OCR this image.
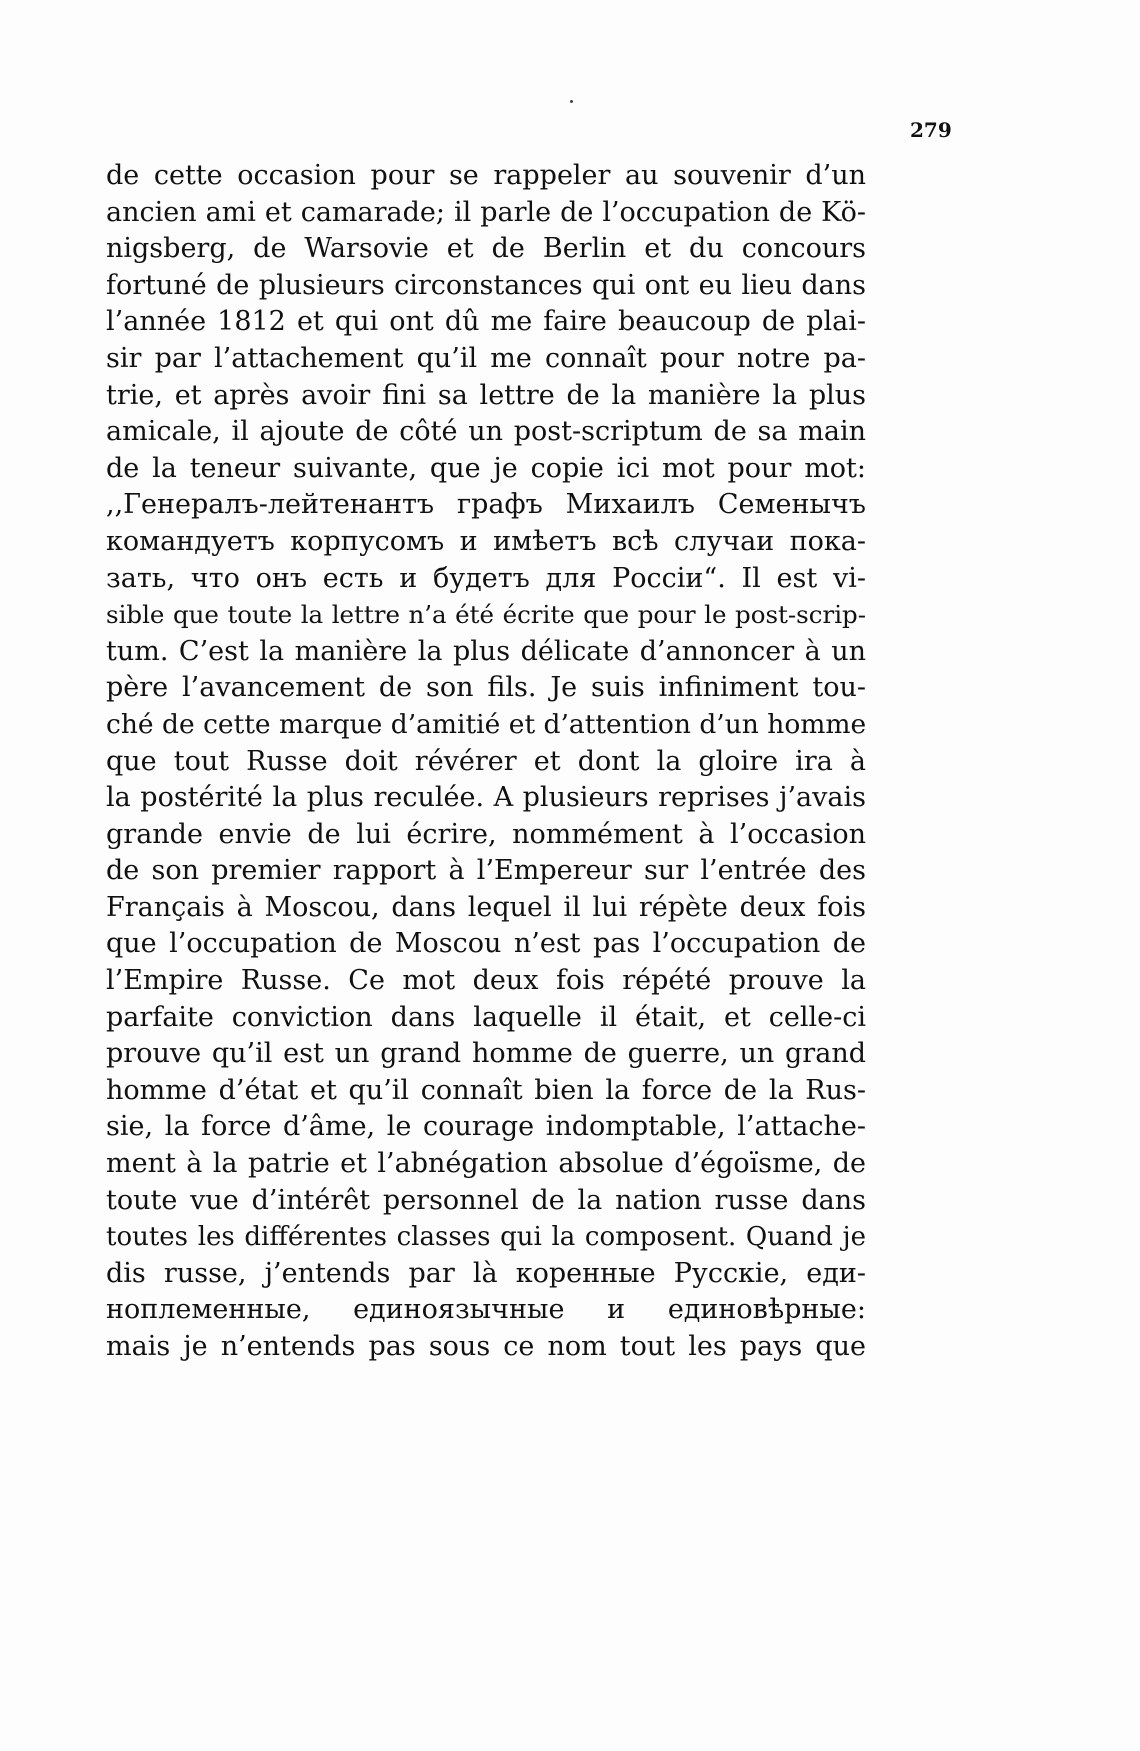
279
de cette occasion pour se rappeler au souvenir d’un
ancien ami et camarade; il parle de l’occupation de Kö-
nigsberg, de Warsovie et de Berlin et du concours
fortuné de plusieurs circonstances qui ont eu lieu dans
l’année 1812 et qui ont dû me faire beaucoup de plai-
sir par l’attachement qu’il me connaît pour notre pa-
trie, et après avoir fini sa lettre de la manière la plus
amicale, il ajoute de côté un post-scriptum de sa main
de la teneur suivante, que je copie ici mot pour mot:
,,Генералъ-лейтенантъ графъ Михаилъ Семенычъ
командуетъ корпусомъ и имѣетъ всѣ случаи пока-
зать, что онъ есть и будетъ для Россіи“. Il est vi-
sible que toute la lettre n’a été écrite que pour le post-scrip-
tum. C’est la manière la plus délicate d’annoncer à un
père l’avancement de son fils. Je suis infiniment tou-
ché de cette marque d’amitié et d’attention d’un homme
que tout Russe doit révérer et dont la gloire ira à
la postérité la plus reculée. A plusieurs reprises j’avais
grande envie de lui écrire, nommément à l’occasion
de son premier rapport à l’Empereur sur l’entrée des
Français à Moscou, dans lequel il lui répète deux fois
que l’occupation de Moscou n’est pas l’occupation de
l’Empire Russe. Ce mot deux fois répété prouve la
parfaite conviction dans laquelle il était, et celle-ci
prouve qu’il est un grand homme de guerre, un grand
homme d’état et qu’il connaît bien la force de la Rus-
sie, la force d’âme, le courage indomptable, l’attache-
ment à la patrie et l’abnégation absolue d’égoïsme, de
toute vue d’intérêt personnel de la nation russe dans
toutes les différentes classes qui la composent. Quand je
dis russe, j’entends par là коренные Русскіе, еди-
ноплеменные, единоязычные и единовѣрные:
mais je n’entends pas sous ce nom tout les pays que
